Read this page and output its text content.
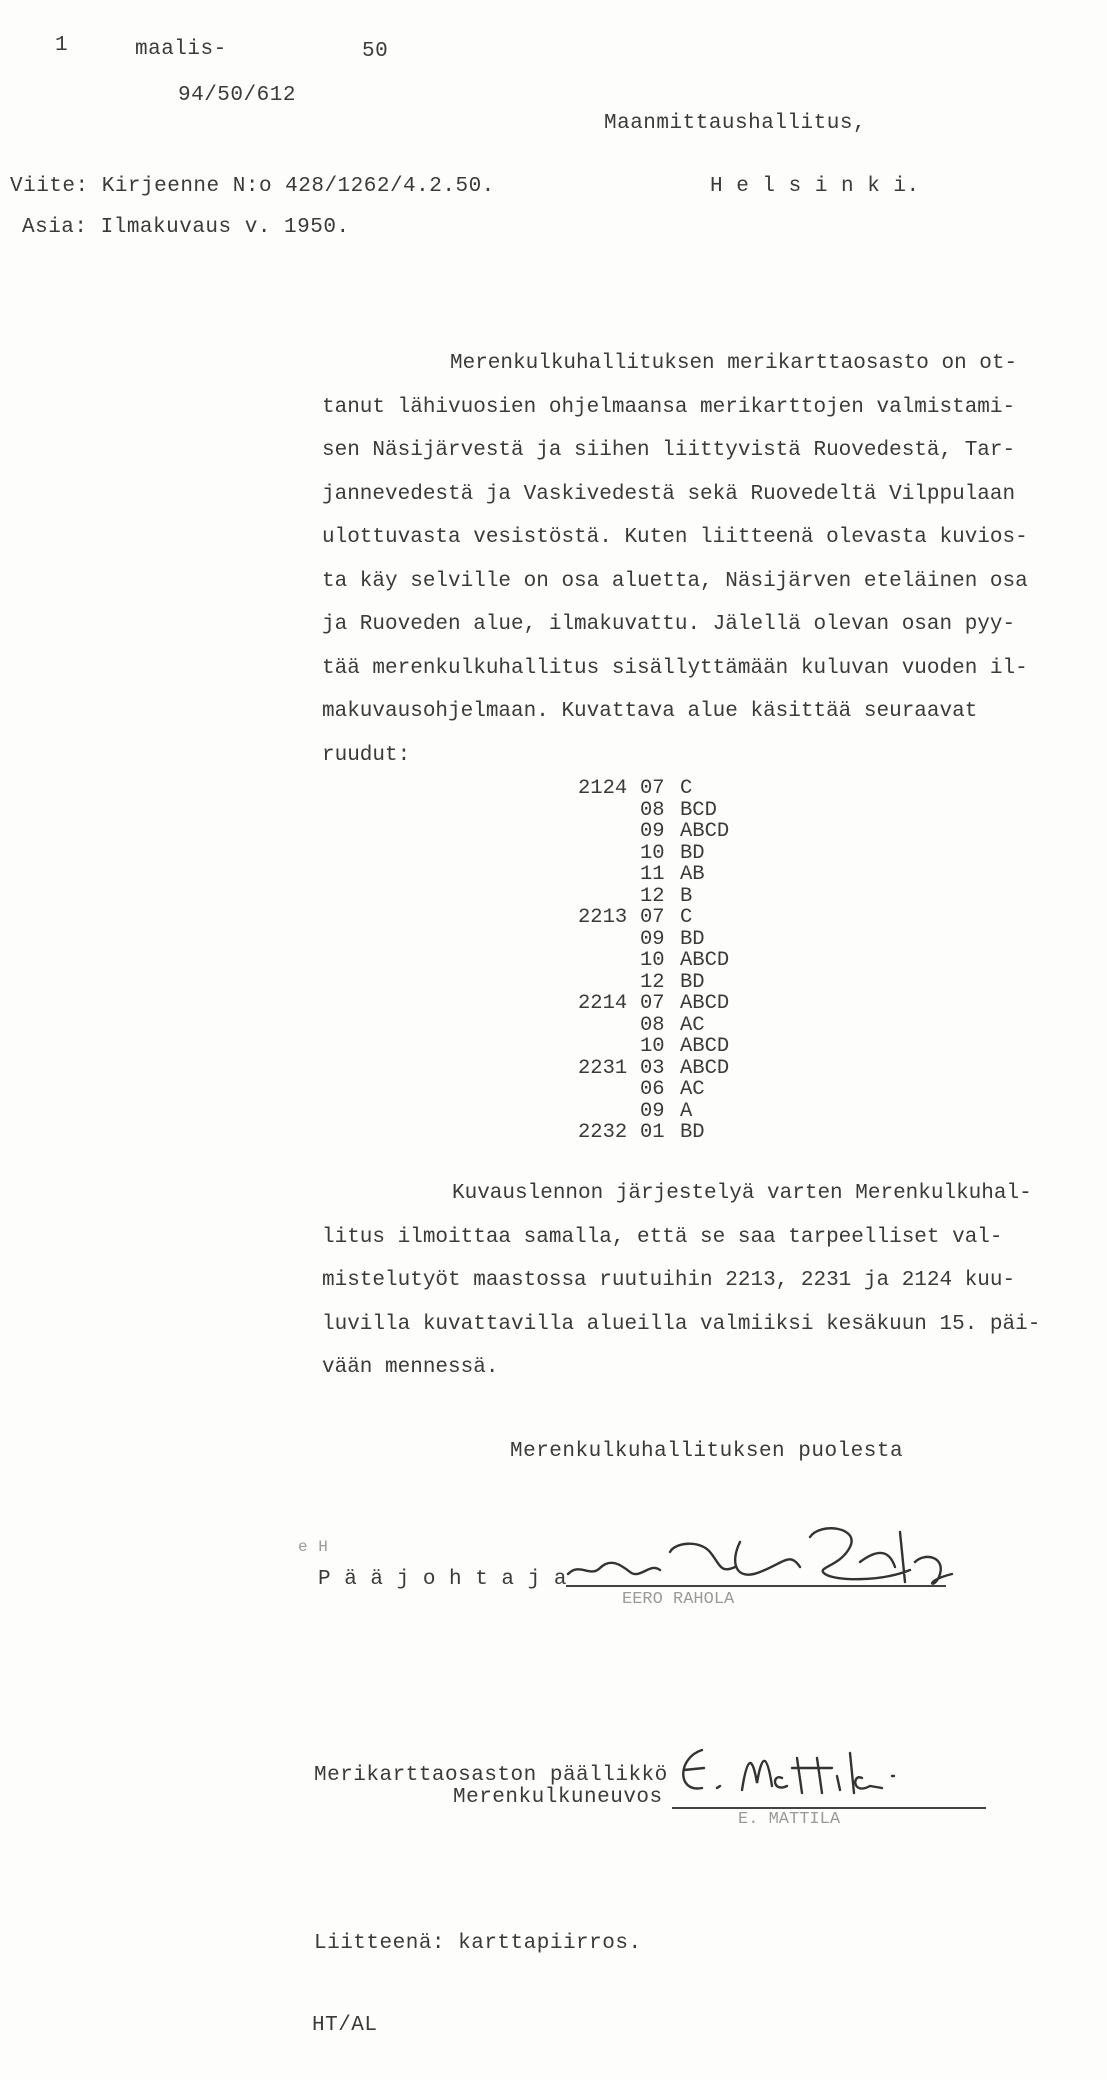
1	maalis-	50
94/50/612
Maanmittaushallitus,
Viite: Kirjeenne N:o 428/1262/4.2.50.	H e l s i n k i.
Asia: Ilmakuvaus v. 1950.
Merenkulkuhallituksen merikarttaosasto on ot-
tanut lähivuosien ohjelmaansa merikarttojen valmistami-
sen Näsijärvestä ja siihen liittyvistä Ruovedestä, Tar-
jannevedestä ja Vaskivedestä sekä Ruovedeltä Vilppulaan
ulottuvasta vesistöstä. Kuten liitteenä olevasta kuvios-
ta käy selville on osa aluetta, Näsijärven eteläinen osa
ja Ruoveden alue, ilmakuvattu. Jälellä olevan osan pyy-
tää merenkulkuhallitus sisällyttämään kuluvan vuoden il-
makuvausohjelmaan. Kuvattava alue käsittää seuraavat
ruudut:
2124 07 C
08 BCD
09 ABCD
10 BD
11 AB
12 B
2213 07 C
09 BD
10 ABCD
12 BD
2214 07 ABCD
08 AC
10 ABCD
2231 03 ABCD
06 AC
09 A
2232 01 BD
Kuvauslennon järjestelyä varten Merenkulkuhal-
litus ilmoittaa samalla, että se saa tarpeelliset val-
mistelutyöt maastossa ruutuihin 2213, 2231 ja 2124 kuu-
luvilla kuvattavilla alueilla valmiiksi kesäkuun 15. päi-
vään mennessä.
Merenkulkuhallituksen puolesta
e H
P ä ä j o h t a j a
EERO RAHOLA
Merikarttaosaston päällikkö
Merenkulkuneuvos
E. MATTILA
Liitteenä: karttapiirros.
HT/AL
